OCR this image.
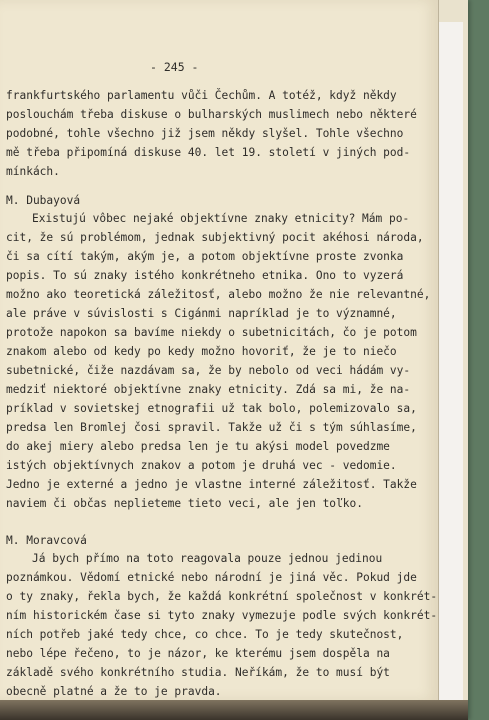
- 245 -
frankfurtského parlamentu vůči Čechům. A totéž, když někdy
poslouchám třeba diskuse o bulharských muslimech nebo některé
podobné, tohle všechno již jsem někdy slyšel. Tohle všechno
mě třeba připomíná diskuse 40. let 19. století v jiných pod-
mínkách.
M. Dubayová
Existujú vôbec nejaké objektívne znaky etnicity? Mám po-
cit, že sú problémom, jednak subjektivný pocit akéhosi národa,
či sa cítí takým, akým je, a potom objektívne proste zvonka
popis. To sú znaky istého konkrétneho etnika. Ono to vyzerá
možno ako teoretická záležitosť, alebo možno že nie relevantné,
ale práve v súvislosti s Cigánmi napríklad je to významné,
protože napokon sa bavíme niekdy o subetnicitách, čo je potom
znakom alebo od kedy po kedy možno hovoriť, že je to niečo
subetnické, čiže nazdávam sa, že by nebolo od veci hádám vy-
medziť niektoré objektívne znaky etnicity. Zdá sa mi, že na-
príklad v sovietskej etnografii už tak bolo, polemizovalo sa,
predsa len Bromlej čosi spravil. Takže už či s tým súhlasíme,
do akej miery alebo predsa len je tu akýsi model povedzme
istých objektívnych znakov a potom je druhá vec - vedomie.
Jedno je externé a jedno je vlastne interné záležitosť. Takže
naviem či občas neplieteme tieto veci, ale jen toľko.
M. Moravcová
Já bych přímo na toto reagovala pouze jednou jedinou
poznámkou. Vědomí etnické nebo národní je jiná věc. Pokud jde
o ty znaky, řekla bych, že každá konkrétní společnost v konkrét-
ním historickém čase si tyto znaky vymezuje podle svých konkrét-
ních potřeb jaké tedy chce, co chce. To je tedy skutečnost,
nebo lépe řečeno, to je názor, ke kterému jsem dospěla na
základě svého konkrétního studia. Neříkám, že to musí být
obecně platné a že to je pravda.
